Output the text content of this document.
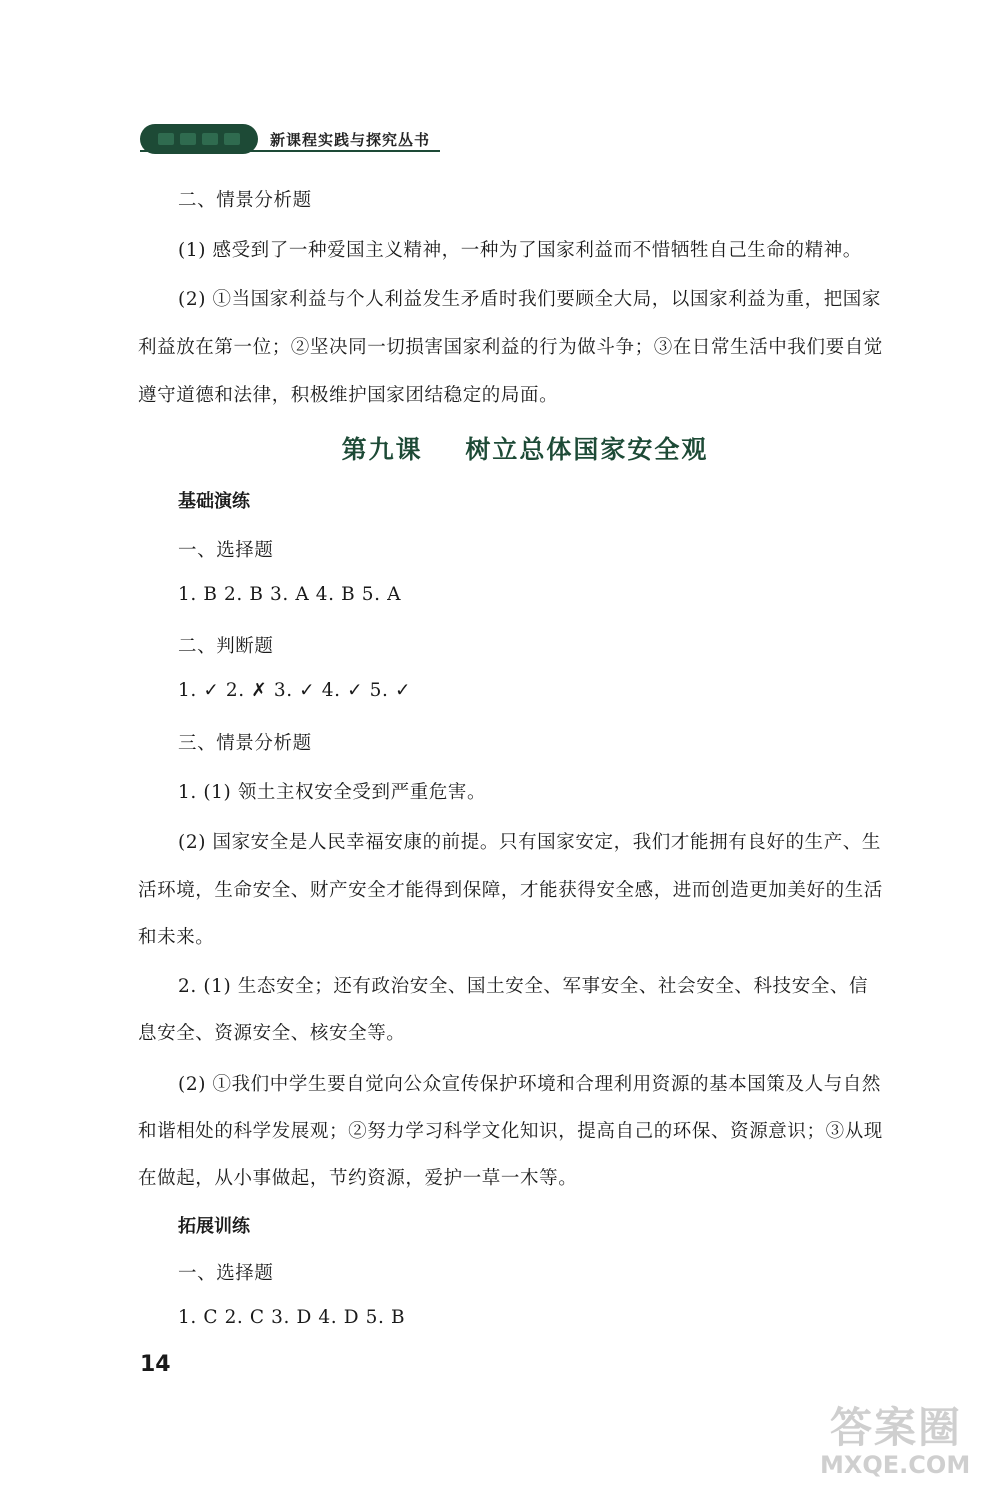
新课程实践与探究丛书
二、情景分析题
(1) 感受到了一种爱国主义精神，一种为了国家利益而不惜牺牲自己生命的精神。
(2) ①当国家利益与个人利益发生矛盾时我们要顾全大局，以国家利益为重，把国家
利益放在第一位；②坚决同一切损害国家利益的行为做斗争；③在日常生活中我们要自觉
遵守道德和法律，积极维护国家团结稳定的局面。
第九课    树立总体国家安全观
基础演练
一、选择题
1. B 2. B 3. A 4. B 5. A
二、判断题
1. ✓ 2. ✗ 3. ✓ 4. ✓ 5. ✓
三、情景分析题
1. (1) 领土主权安全受到严重危害。
(2) 国家安全是人民幸福安康的前提。只有国家安定，我们才能拥有良好的生产、生
活环境，生命安全、财产安全才能得到保障，才能获得安全感，进而创造更加美好的生活
和未来。
2. (1) 生态安全；还有政治安全、国土安全、军事安全、社会安全、科技安全、信
息安全、资源安全、核安全等。
(2) ①我们中学生要自觉向公众宣传保护环境和合理利用资源的基本国策及人与自然
和谐相处的科学发展观；②努力学习科学文化知识，提高自己的环保、资源意识；③从现
在做起，从小事做起，节约资源，爱护一草一木等。
拓展训练
一、选择题
1. C 2. C 3. D 4. D 5. B
14
答案圈
MXQE.COM
